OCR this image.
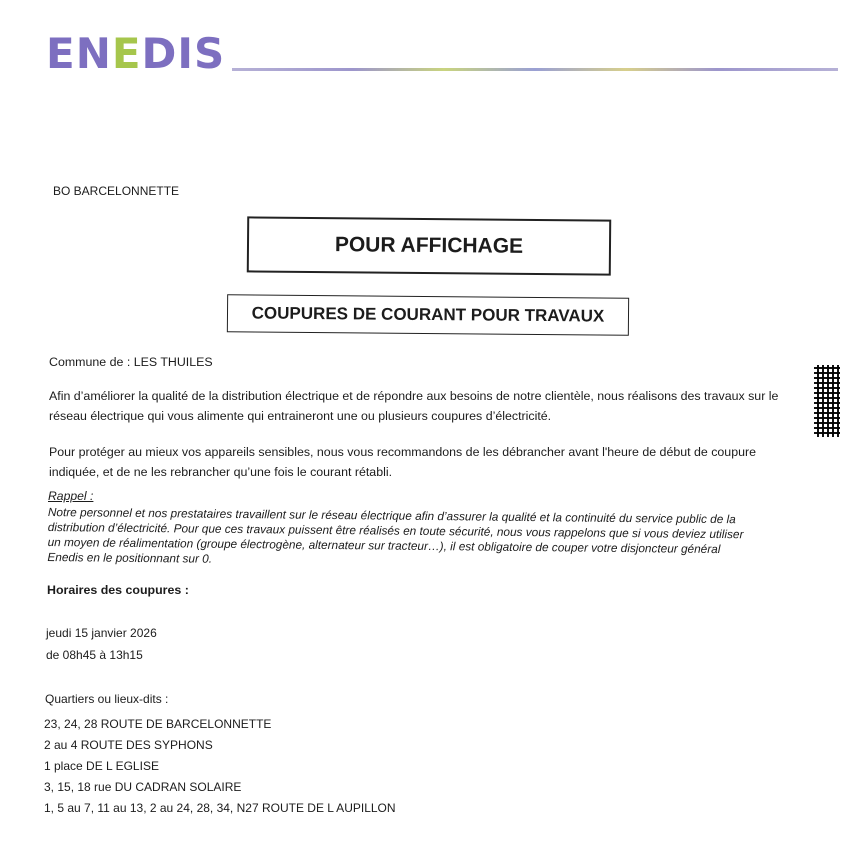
ENEDIS
BO BARCELONNETTE
POUR AFFICHAGE
COUPURES DE COURANT POUR TRAVAUX
Commune de : LES THUILES
Afin d’améliorer la qualité de la distribution électrique et de répondre aux besoins de notre clientèle, nous réalisons des travaux sur le réseau électrique qui vous alimente qui entraineront une ou plusieurs coupures d’électricité.
Pour protéger au mieux vos appareils sensibles, nous vous recommandons de les débrancher avant l'heure de début de coupure indiquée, et de ne les rebrancher qu’une fois le courant rétabli.
Rappel :
Notre personnel et nos prestataires travaillent sur le réseau électrique afin d’assurer la qualité et la continuité du service public de la distribution d’électricité. Pour que ces travaux puissent être réalisés en toute sécurité, nous vous rappelons que si vous deviez utiliser un moyen de réalimentation (groupe électrogène, alternateur sur tracteur…), il est obligatoire de couper votre disjoncteur général Enedis en le positionnant sur 0.
Horaires des coupures :
jeudi 15 janvier 2026
de 08h45 à 13h15
Quartiers ou lieux-dits :
23, 24, 28 ROUTE DE BARCELONNETTE
2 au 4 ROUTE DES SYPHONS
1 place DE L EGLISE
3, 15, 18 rue DU CADRAN SOLAIRE
1, 5 au 7, 11 au 13, 2 au 24, 28, 34, N27 ROUTE DE L AUPILLON
